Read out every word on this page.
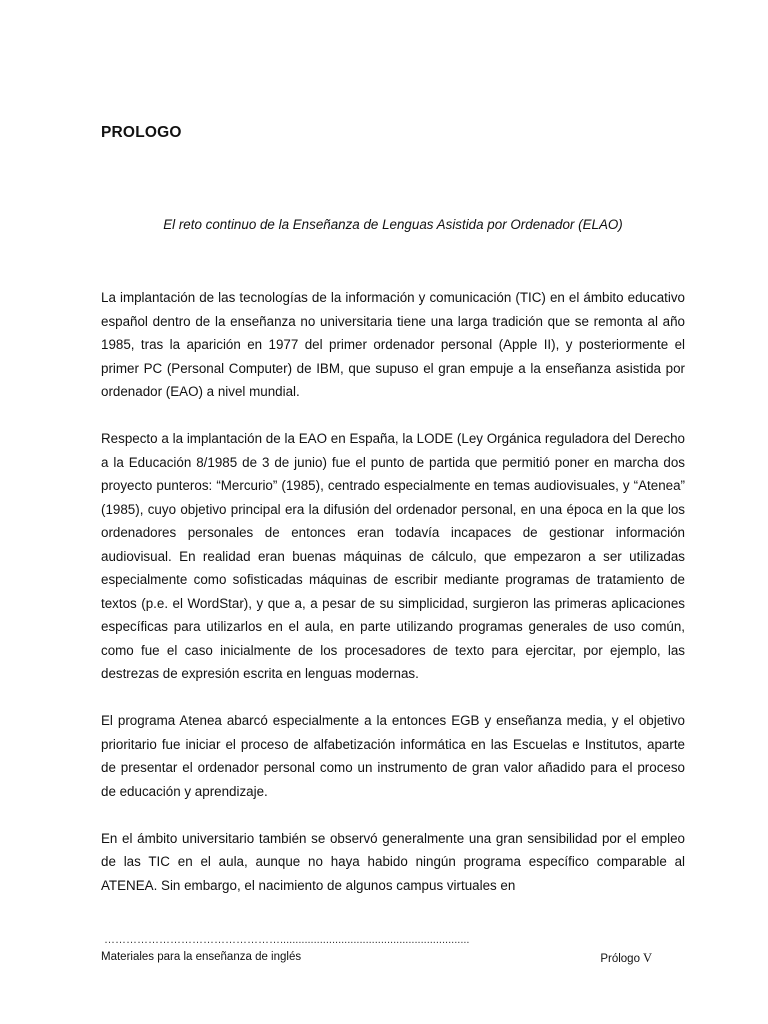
PROLOGO

El reto continuo de la Enseñanza de Lenguas Asistida por Ordenador (ELAO)

La implantación de las tecnologías de la información y comunicación (TIC) en el ámbito educativo español dentro de la enseñanza no universitaria tiene una larga tradición que se remonta al año 1985, tras la aparición en 1977 del primer ordenador personal (Apple II), y posteriormente el primer PC (Personal Computer) de IBM, que supuso el gran empuje a la enseñanza asistida por ordenador (EAO) a nivel mundial.

Respecto a la implantación de la EAO en España, la LODE (Ley Orgánica reguladora del Derecho a la Educación 8/1985 de 3 de junio) fue el punto de partida que permitió poner en marcha dos proyecto punteros: “Mercurio” (1985), centrado especialmente en temas audiovisuales, y “Atenea” (1985), cuyo objetivo principal era la difusión del ordenador personal, en una época en la que los ordenadores personales de entonces eran todavía incapaces de gestionar información audiovisual. En realidad eran buenas máquinas de cálculo, que empezaron a ser utilizadas especialmente como sofisticadas máquinas de escribir mediante programas de tratamiento de textos (p.e. el WordStar), y que a, a pesar de su simplicidad, surgieron las primeras aplicaciones específicas para utilizarlos en el aula, en parte utilizando programas generales de uso común, como fue el caso inicialmente de los procesadores de texto para ejercitar, por ejemplo, las destrezas de expresión escrita en lenguas modernas.

El programa Atenea abarcó especialmente a la entonces EGB y enseñanza media, y el objetivo prioritario fue iniciar el proceso de alfabetización informática en las Escuelas e Institutos, aparte de presentar el ordenador personal como un instrumento de gran valor añadido para el proceso de educación y aprendizaje.

En el ámbito universitario también se observó generalmente una gran sensibilidad por el empleo de las TIC en el aula, aunque no haya habido ningún programa específico comparable al ATENEA. Sin embargo, el nacimiento de algunos campus virtuales en

…………………………………………..............................................................

Materiales para la enseñanza de inglés	Prólogo V
